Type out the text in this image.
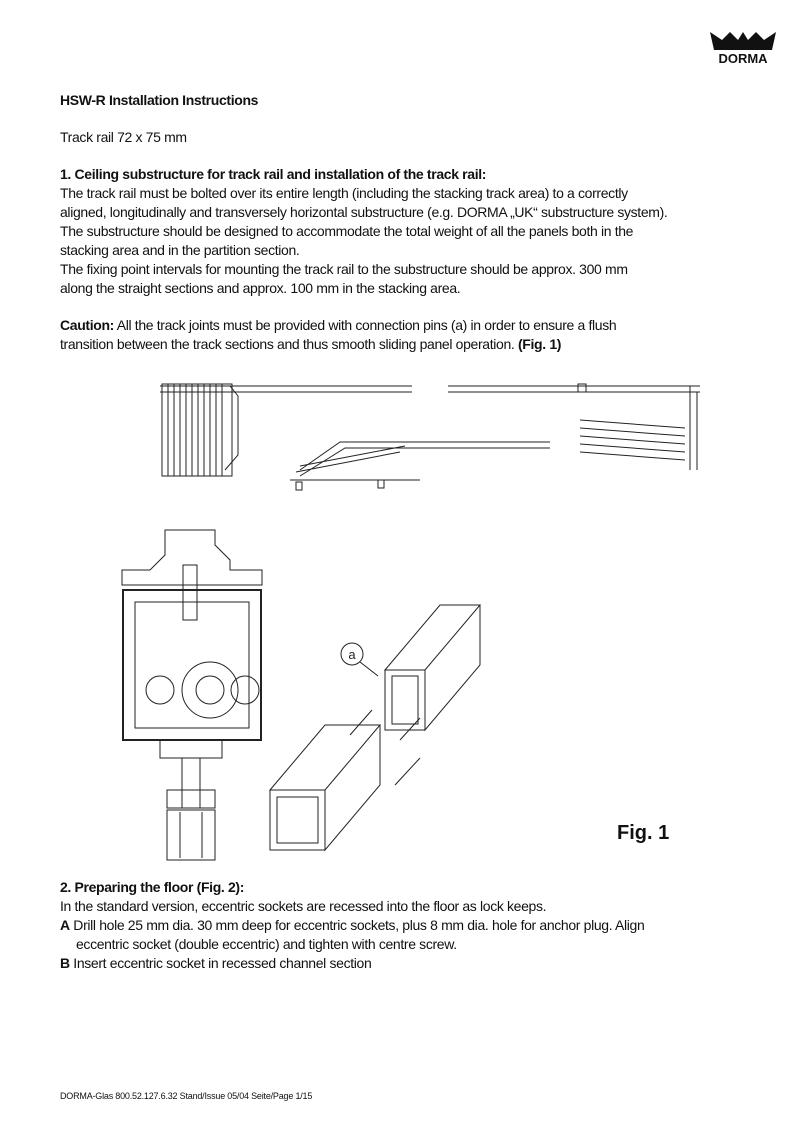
DORMA
HSW-R Installation Instructions
Track rail 72 x 75 mm
1. Ceiling substructure for track rail and installation of the track rail:
The track rail must be bolted over its entire length (including the stacking track area) to a correctly
aligned, longitudinally and transversely horizontal substructure (e.g. DORMA „UK“ substructure system).
The substructure should be designed to accommodate the total weight of all the panels both in the
stacking area and in the partition section.
The fixing point intervals for mounting the track rail to the substructure should be approx. 300 mm
along the straight sections and approx. 100 mm in the stacking area.
Caution: All the track joints must be provided with connection pins (a) in order to ensure a flush
transition between the track sections and thus smooth sliding panel operation. (Fig. 1)
a
Fig. 1
2. Preparing the floor (Fig. 2):
In the standard version, eccentric sockets are recessed into the floor as lock keeps.
A Drill hole 25 mm dia. 30 mm deep for eccentric sockets, plus 8 mm dia. hole for anchor plug. Align
eccentric socket (double eccentric) and tighten with centre screw.
B Insert eccentric socket in recessed channel section
DORMA-Glas 800.52.127.6.32 Stand/Issue 05/04 Seite/Page 1/15
